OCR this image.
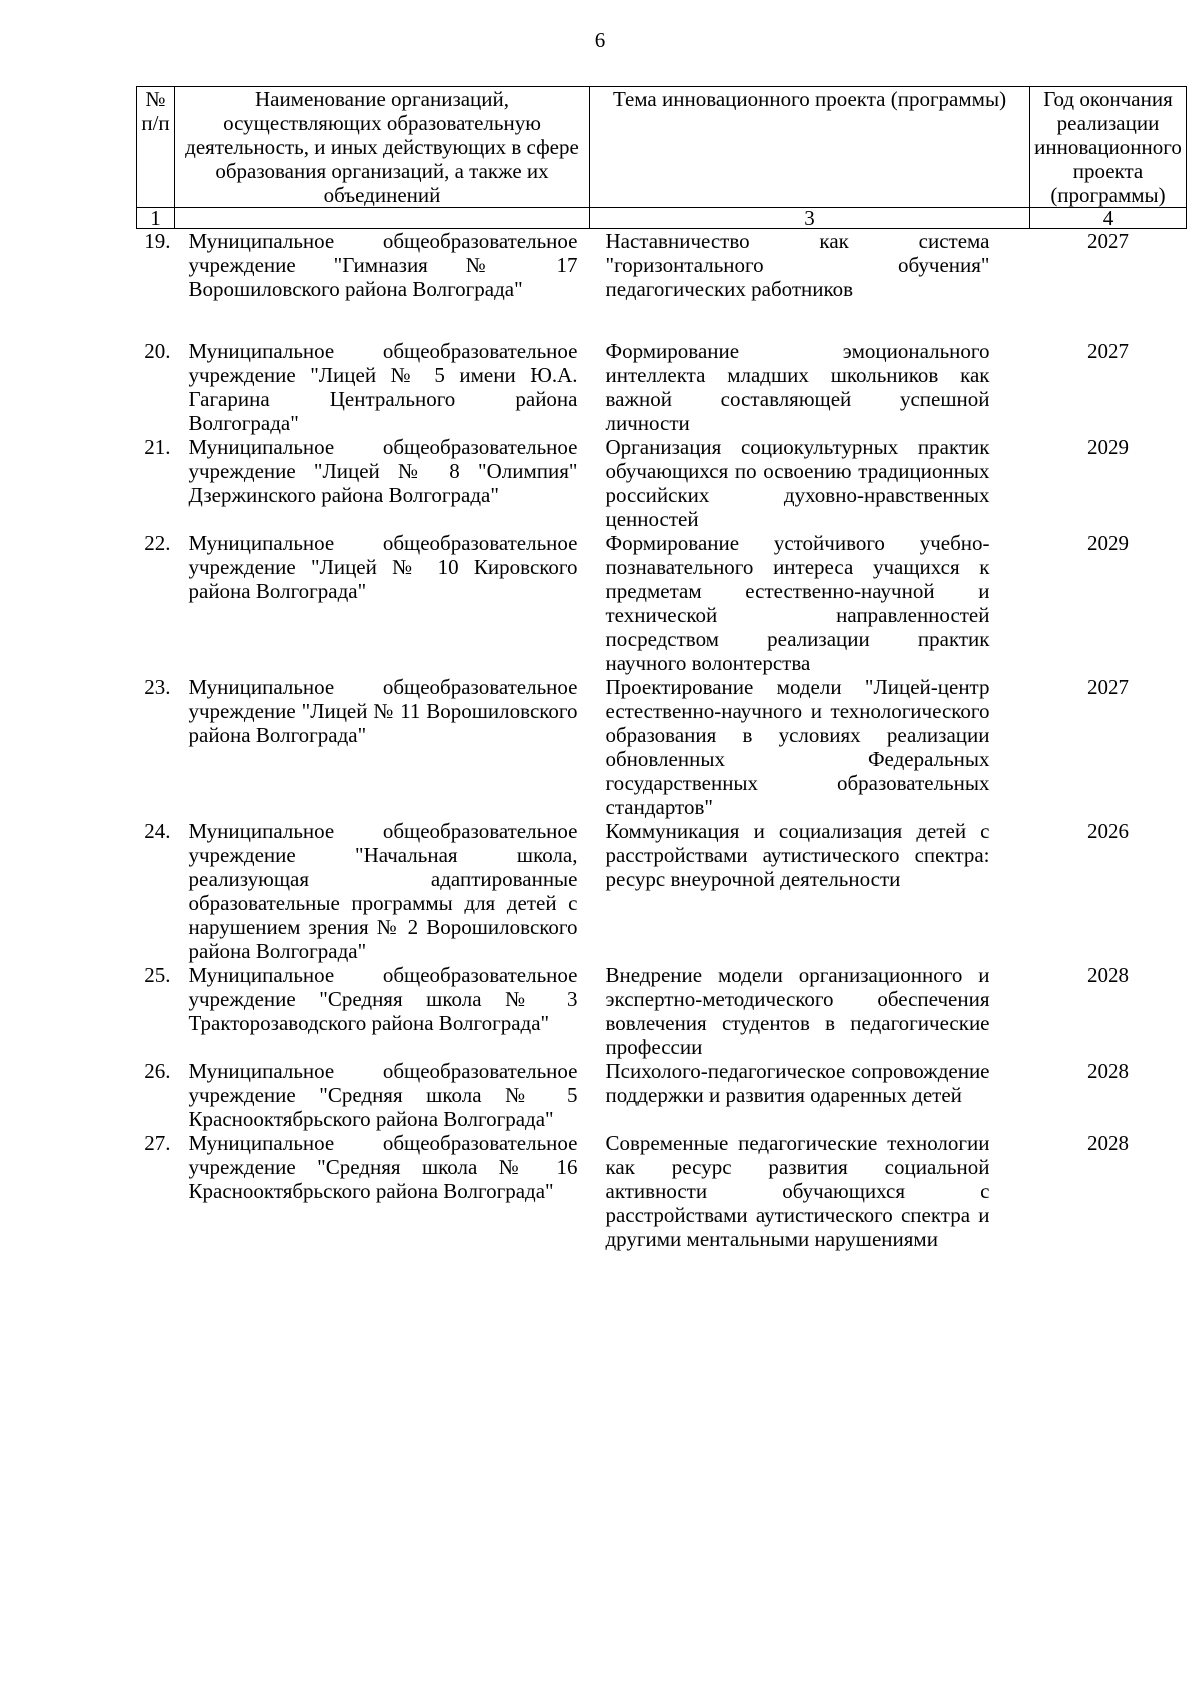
6
№ п/п	Наименование организаций, осуществляющих образовательную деятельность, и иных действующих в сфере образования организаций, а также их объединений	Тема инновационного проекта (программы)	Год окончания реализации инновационного проекта (программы)
1		3	4
19.	Муниципальное общеобразовательное учреждение "Гимназия № 17 Ворошиловского района Волгограда"	Наставничество как система "горизонтального обучения" педагогических работников	2027
20.	Муниципальное общеобразовательное учреждение "Лицей № 5 имени Ю.А. Гагарина Центрального района Волгограда"	Формирование эмоционального интеллекта младших школьников как важной составляющей успешной личности	2027
21.	Муниципальное общеобразовательное учреждение "Лицей № 8 "Олимпия" Дзержинского района Волгограда"	Организация социокультурных практик обучающихся по освоению традиционных российских духовно-нравственных ценностей	2029
22.	Муниципальное общеобразовательное учреждение "Лицей № 10 Кировского района Волгограда"	Формирование устойчивого учебно-познавательного интереса учащихся к предметам естественно-научной и технической направленностей посредством реализации практик научного волонтерства	2029
23.	Муниципальное общеобразовательное учреждение "Лицей № 11 Ворошиловского района Волгограда"	Проектирование модели "Лицей-центр естественно-научного и технологического образования в условиях реализации обновленных Федеральных государственных образовательных стандартов"	2027
24.	Муниципальное общеобразовательное учреждение "Начальная школа, реализующая адаптированные образовательные программы для детей с нарушением зрения № 2 Ворошиловского района Волгограда"	Коммуникация и социализация детей с расстройствами аутистического спектра: ресурс внеурочной деятельности	2026
25.	Муниципальное общеобразовательное учреждение "Средняя школа № 3 Тракторозаводского района Волгограда"	Внедрение модели организационного и экспертно-методического обеспечения вовлечения студентов в педагогические профессии	2028
26.	Муниципальное общеобразовательное учреждение "Средняя школа № 5 Краснооктябрьского района Волгограда"	Психолого-педагогическое сопровождение поддержки и развития одаренных детей	2028
27.	Муниципальное общеобразовательное учреждение "Средняя школа № 16 Краснооктябрьского района Волгограда"	Современные педагогические технологии как ресурс развития социальной активности обучающихся с расстройствами аутистического спектра и другими ментальными нарушениями	2028
